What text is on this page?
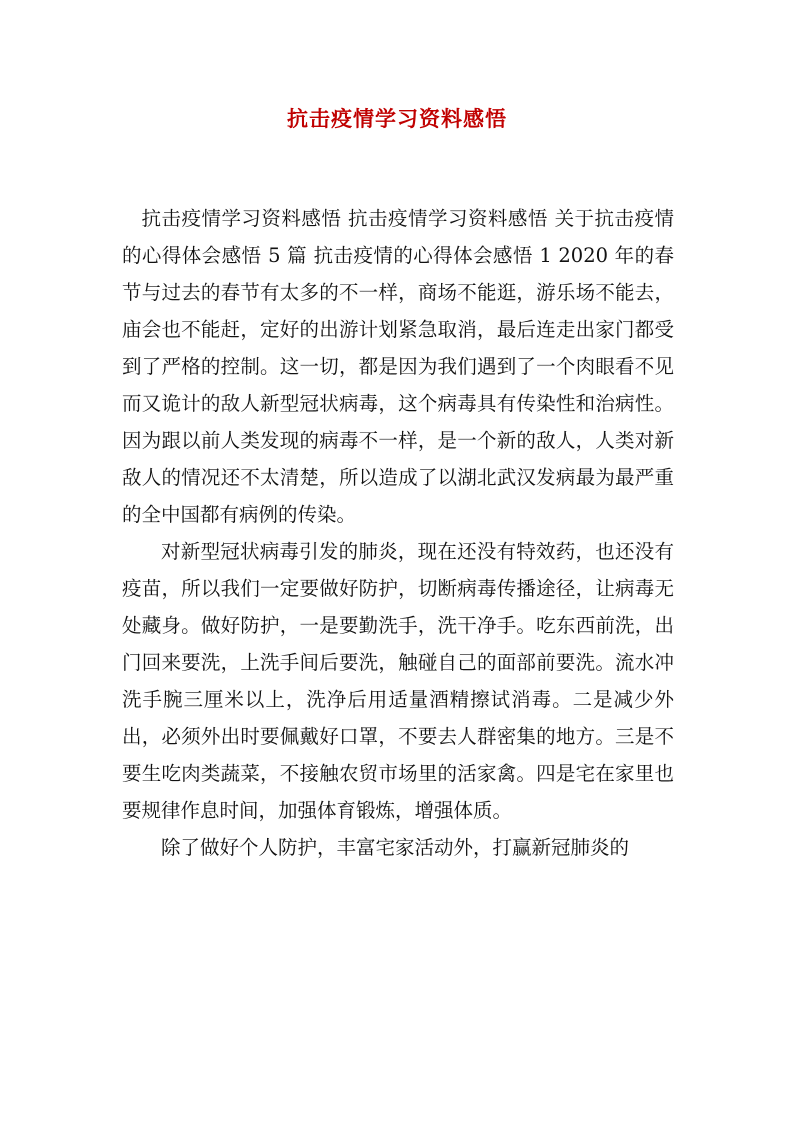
抗击疫情学习资料感悟

抗击疫情学习资料感悟 抗击疫情学习资料感悟 关于抗击疫情的心得体会感悟 5 篇 抗击疫情的心得体会感悟 1 2020 年的春节与过去的春节有太多的不一样，商场不能逛，游乐场不能去，庙会也不能赶，定好的出游计划紧急取消，最后连走出家门都受到了严格的控制。这一切，都是因为我们遇到了一个肉眼看不见而又诡计的敌人新型冠状病毒，这个病毒具有传染性和治病性。因为跟以前人类发现的病毒不一样，是一个新的敌人，人类对新敌人的情况还不太清楚，所以造成了以湖北武汉发病最为最严重的全中国都有病例的传染。

对新型冠状病毒引发的肺炎，现在还没有特效药，也还没有疫苗，所以我们一定要做好防护，切断病毒传播途径，让病毒无处藏身。做好防护，一是要勤洗手，洗干净手。吃东西前洗，出门回来要洗，上洗手间后要洗，触碰自己的面部前要洗。流水冲洗手腕三厘米以上，洗净后用适量酒精擦试消毒。二是减少外出，必须外出时要佩戴好口罩，不要去人群密集的地方。三是不要生吃肉类蔬菜，不接触农贸市场里的活家禽。四是宅在家里也要规律作息时间，加强体育锻炼，增强体质。

除了做好个人防护，丰富宅家活动外，打赢新冠肺炎的
